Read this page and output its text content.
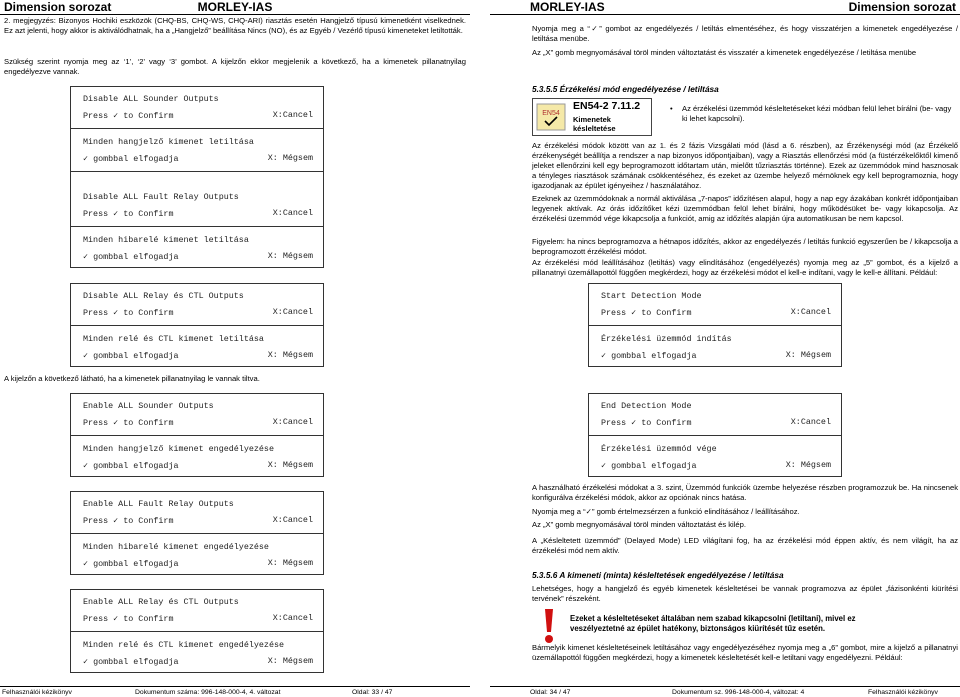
Dimension sorozat	MORLEY-IAS
2. megjegyzés: Bizonyos Hochiki eszközök (CHQ-BS, CHQ-WS, CHQ-ARI) riasztás esetén Hangjelző típusú kimenetként viselkednek. Ez azt jelenti, hogy akkor is aktiválódhatnak, ha a „Hangjelző” beállítása Nincs (NO), és az Egyéb / Vezérlő típusú kimeneteket letiltották.
Szükség szerint nyomja meg az ‘1’, ‘2’ vagy ‘3’ gombot. A kijelzőn ekkor megjelenik a következő, ha a kimenetek pillanatnyilag engedélyezve vannak.
Disable ALL Sounder Outputs
Press ✓ to Confirm	X:Cancel
Minden hangjelző kimenet letiltása
✓ gombbal elfogadja	X: Mégsem
Disable ALL Fault Relay Outputs
Press ✓ to Confirm	X:Cancel
Minden hibarelé kimenet letiltása
✓ gombbal elfogadja	X: Mégsem
Disable ALL Relay és CTL Outputs
Press ✓ to Confirm	X:Cancel
Minden relé és CTL kimenet letiltása
✓ gombbal elfogadja	X: Mégsem
A kijelzőn a következő látható, ha a kimenetek pillanatnyilag le vannak tiltva.
Enable ALL Sounder Outputs
Press ✓ to Confirm	X:Cancel
Minden hangjelző kimenet engedélyezése
✓ gombbal elfogadja	X: Mégsem
Enable ALL Fault Relay Outputs
Press ✓ to Confirm	X:Cancel
Minden hibarelé kimenet engedélyezése
✓ gombbal elfogadja	X: Mégsem
Enable ALL Relay és CTL Outputs
Press ✓ to Confirm	X:Cancel
Minden relé és CTL kimenet engedélyezése
✓ gombbal elfogadja	X: Mégsem
Felhasználói kézikönyv	Dokumentum száma: 996-148-000-4, 4. változat	Oldal: 33 / 47
MORLEY-IAS	Dimension sorozat
Nyomja meg a “✓” gombot az engedélyezés / letiltás elmentéséhez, és hogy visszatérjen a kimenetek engedélyezése / letiltása menübe.
Az „X” gomb megnyomásával töröl minden változtatást és visszatér a kimenetek engedélyezése / letiltása menübe
5.3.5.5 Érzékelési mód engedélyezése / letiltása
EN54
EN54-2 7.11.2
Kimenetek
késleltetése
•	Az érzékelési üzemmód késleltetéseket kézi módban felül lehet bírálni (be- vagy ki lehet kapcsolni).
Az érzékelési módok között van az 1. és 2 fázis Vizsgálati mód (lásd a 6. részben), az Érzékenységi mód (az Érzékelő érzékenységét beállítja a rendszer a nap bizonyos időpontjaiban), vagy a Riasztás ellenőrzési mód (a füstérzékelőktől kimenő jeleket ellenőrzini kell egy beprogramozott időtartam után, mielőtt tűzriasztás történne). Ezek az üzemmódok mind hasznosak a tényleges riasztások számának csökkentéséhez, és ezeket az üzembe helyező mérnöknek egy kell beprogramoznia, hogy igazodjanak az épület igényeihez / használatához.
Ezeknek az üzemmódoknak a normál aktiválása „7-napos” időzítésen alapul, hogy a nap egy ázakában konkrét időpontjaiban legyenek aktívak. Az órás időzítőket kézi üzemmódban felül lehet bírálni, hogy működésüket be- vagy kikapcsolja. Az érzékelési üzemmód vége kikapcsolja a funkciót, amig az időzítés alapján újra automatikusan be nem kapcsol.
Figyelem: ha nincs beprogramozva a hétnapos időzítés, akkor az engedélyezés / letiltás funkció egyszerűen be / kikapcsolja a beprogramozott érzékelési módot.
Az érzékelési mód leállításához (letiltás) vagy elindításához (engedélyezés) nyomja meg az „5” gombot, és a kijelző a pillanatnyi üzemállapottól függően megkérdezi, hogy az érzékelési módot el kell-e indítani, vagy le kell-e állítani. Például:
Start Detection Mode
Press ✓ to Confirm	X:Cancel
Érzékelési üzemmód indítás
✓ gombbal elfogadja	X: Mégsem
End Detection Mode
Press ✓ to Confirm	X:Cancel
Érzékelési üzemmód vége
✓ gombbal elfogadja	X: Mégsem
A használható érzékelési módokat a 3. szint, Üzemmód funkciók üzembe helyezése részben programozzuk be. Ha nincsenek konfigurálva érzékelési módok, akkor az opciónak nincs hatása.
Nyomja meg a “✓” gomb értelmezsérzen a funkció elindításához / leállításához.
Az „X” gomb megnyomásával töröl minden változtatást és kilép.
A „Késleltetett üzemmód” (Delayed Mode) LED világítani fog, ha az érzékelési mód éppen aktív, és nem világít, ha az érzékelési mód nem aktív.
5.3.5.6 A kimeneti (minta) késleltetések engedélyezése / letiltása
Lehetséges, hogy a hangjelző és egyéb kimenetek késleltetései be vannak programozva az épület „fázisonkénti kiürítési tervének” részeként.
Ezeket a késleltetéseket általában nem szabad kikapcsolni (letiltani), mivel ez veszélyeztetné az épület hatékony, biztonságos kiürítését tűz esetén.
Bármelyik kimenet késleltetéseinek letiltásához vagy engedélyezéséhez nyomja meg a „6” gombot, mire a kijelző a pillanatnyi üzemállapottól függően megkérdezi, hogy a kimenetek késleltetését kell-e letiltani vagy engedélyezni. Például:
Oldal: 34 / 47	Dokumentum sz. 996-148-000-4, változat: 4	Felhasználói kézikönyv
